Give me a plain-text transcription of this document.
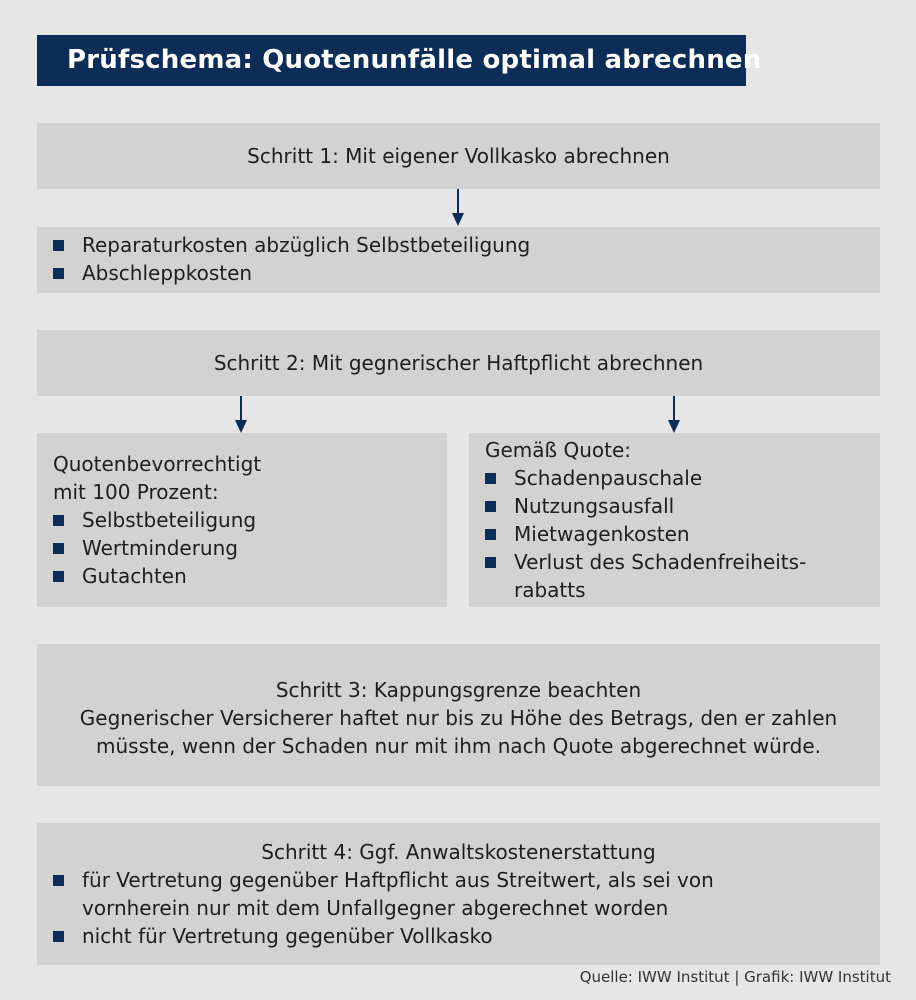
Prüfschema: Quotenunfälle optimal abrechnen
Schritt 1: Mit eigener Vollkasko abrechnen
Reparaturkosten abzüglich Selbstbeteiligung
Abschleppkosten
Schritt 2: Mit gegnerischer Haftpflicht abrechnen
Quotenbevorrechtigt
mit 100 Prozent:
Selbstbeteiligung
Wertminderung
Gutachten
Gemäß Quote:
Schadenpauschale
Nutzungsausfall
Mietwagenkosten
Verlust des Schadenfreiheits-
rabatts
Schritt 3: Kappungsgrenze beachten
Gegnerischer Versicherer haftet nur bis zu Höhe des Betrags, den er zahlen
müsste, wenn der Schaden nur mit ihm nach Quote abgerechnet würde.
Schritt 4: Ggf. Anwaltskostenerstattung
für Vertretung gegenüber Haftpflicht aus Streitwert, als sei von
vornherein nur mit dem Unfallgegner abgerechnet worden
nicht für Vertretung gegenüber Vollkasko
Quelle: IWW Institut | Grafik: IWW Institut
